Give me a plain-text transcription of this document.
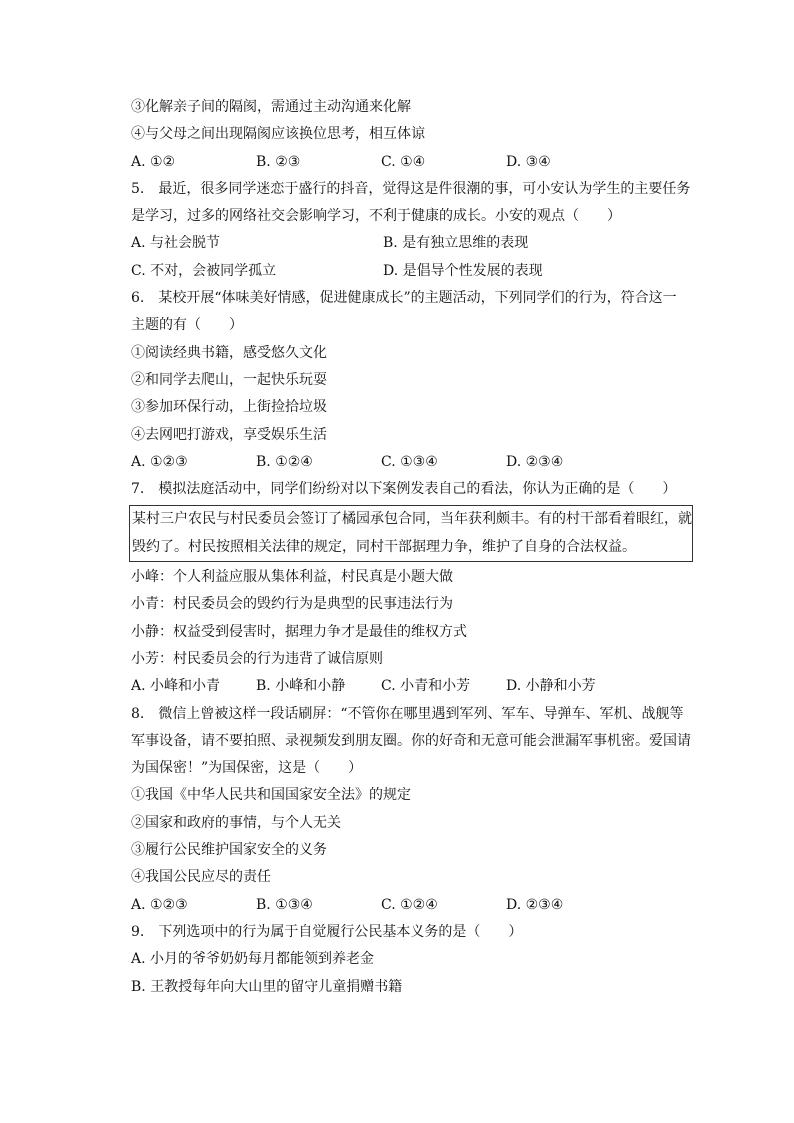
③化解亲子间的隔阂，需通过主动沟通来化解
④与父母之间出现隔阂应该换位思考，相互体谅
A. ①②	B. ②③	C. ①④	D. ③④
5.　最近，很多同学迷恋于盛行的抖音，觉得这是件很潮的事，可小安认为学生的主要任务
是学习，过多的网络社交会影响学习，不利于健康的成长。小安的观点（　　）
A. 与社会脱节	B. 是有独立思维的表现
C. 不对，会被同学孤立	D. 是倡导个性发展的表现
6.　某校开展“体味美好情感，促进健康成长”的主题活动，下列同学们的行为，符合这一
主题的有（　　）
①阅读经典书籍，感受悠久文化
②和同学去爬山，一起快乐玩耍
③参加环保行动，上街捡拾垃圾
④去网吧打游戏，享受娱乐生活
A. ①②③	B. ①②④	C. ①③④	D. ②③④
7.　模拟法庭活动中，同学们纷纷对以下案例发表自己的看法，你认为正确的是（　　）
某村三户农民与村民委员会签订了橘园承包合同，当年获利颇丰。有的村干部看着眼红，就
毁约了。村民按照相关法律的规定，同村干部据理力争，维护了自身的合法权益。
小峰：个人利益应服从集体利益，村民真是小题大做
小青：村民委员会的毁约行为是典型的民事违法行为
小静：权益受到侵害时，据理力争才是最佳的维权方式
小芳：村民委员会的行为违背了诚信原则
A. 小峰和小青	B. 小峰和小静	C. 小青和小芳	D. 小静和小芳
8.　微信上曾被这样一段话刷屏：“不管你在哪里遇到军列、军车、导弹车、军机、战舰等
军事设备，请不要拍照、录视频发到朋友圈。你的好奇和无意可能会泄漏军事机密。爱国请
为国保密！”为国保密，这是（　　）
①我国《中华人民共和国国家安全法》的规定
②国家和政府的事情，与个人无关
③履行公民维护国家安全的义务
④我国公民应尽的责任
A. ①②③	B. ①③④	C. ①②④	D. ②③④
9.　下列选项中的行为属于自觉履行公民基本义务的是（　　）
A. 小月的爷爷奶奶每月都能领到养老金
B. 王教授每年向大山里的留守儿童捐赠书籍
